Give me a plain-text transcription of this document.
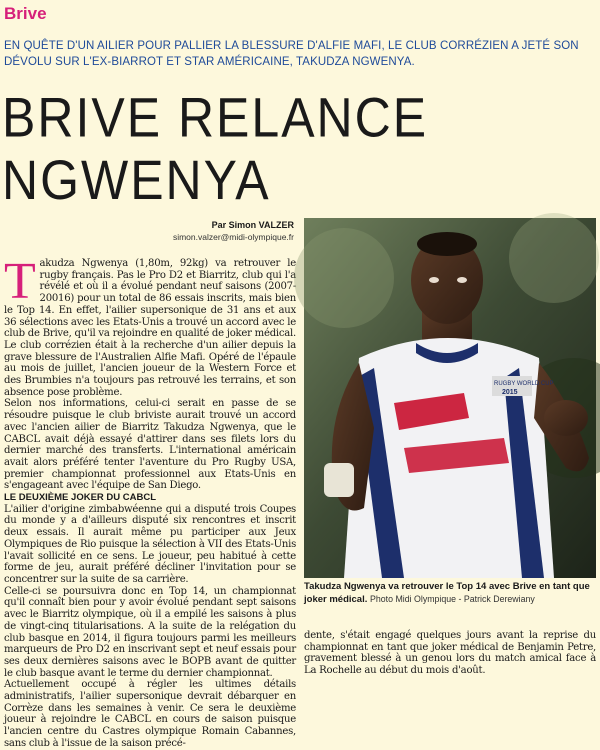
Brive
EN QUÊTE D'UN AILIER POUR PALLIER LA BLESSURE D'ALFIE MAFI, LE CLUB CORRÉZIEN A JETÉ SON DÉVOLU SUR L'EX-BIARROT ET STAR AMÉRICAINE, TAKUDZA NGWENYA.
BRIVE RELANCE
NGWENYA
Par Simon VALZER
simon.valzer@midi-olympique.fr

Takudza Ngwenya (1,80m, 92kg) va retrouver le rugby français. Pas le Pro D2 et Biarritz, club qui l'a révélé et où il a évolué pendant neuf saisons (2007-20016) pour un total de 86 essais inscrits, mais bien le Top 14. En effet, l'ailier supersonique de 31 ans et aux 36 sélections avec les Etats-Unis a trouvé un accord avec le club de Brive, qu'il va rejoindre en qualité de joker médical. Le club corrézien était à la recherche d'un ailier depuis la grave blessure de l'Australien Alfie Mafi. Opéré de l'épaule au mois de juillet, l'ancien joueur de la Western Force et des Brumbies n'a toujours pas retrouvé les terrains, et son absence pose problème.

Selon nos informations, celui-ci serait en passe de se résoudre puisque le club briviste aurait trouvé un accord avec l'ancien ailier de Biarritz Takudza Ngwenya, que le CABCL avait déjà essayé d'attirer dans ses filets lors du dernier marché des transferts. L'international américain avait alors préféré tenter l'aventure du Pro Rugby USA, premier championnat professionnel aux Etats-Unis en s'engageant avec l'équipe de San Diego.

LE DEUXIÈME JOKER DU CABCL

L'ailier d'origine zimbabwéenne qui a disputé trois Coupes du monde y a d'ailleurs disputé six rencontres et inscrit deux essais. Il aurait même pu participer aux Jeux Olympiques de Rio puisque la sélection à VII des Etats-Unis l'avait sollicité en ce sens. Le joueur, peu habitué à cette forme de jeu, aurait préféré décliner l'invitation pour se concentrer sur la suite de sa carrière.

Celle-ci se poursuivra donc en Top 14, un championnat qu'il connaît bien pour y avoir évolué pendant sept saisons avec le Biarritz olympique, où il a empilé les saisons à plus de vingt-cinq titularisations. A la suite de la relégation du club basque en 2014, il figura toujours parmi les meilleurs marqueurs de Pro D2 en inscrivant sept et neuf essais pour ses deux dernières saisons avec le BOPB avant de quitter le club basque avant le terme du dernier championnat.

Actuellement occupé à régler les ultimes détails administratifs, l'ailier supersonique devrait débarquer en Corrèze dans les semaines à venir. Ce sera le deuxième joueur à rejoindre le CABCL en cours de saison puisque l'ancien centre du Castres olympique Romain Cabannes, sans club à l'issue de la saison précé-

RUGBY WORLD CUP
2015
Takudza Ngwenya va retrouver le Top 14 avec Brive en tant que joker médical. Photo Midi Olympique - Patrick Derewiany

dente, s'était engagé quelques jours avant la reprise du championnat en tant que joker médical de Benjamin Petre, gravement blessé à un genou lors du match amical face à La Rochelle au début du mois d'août.
